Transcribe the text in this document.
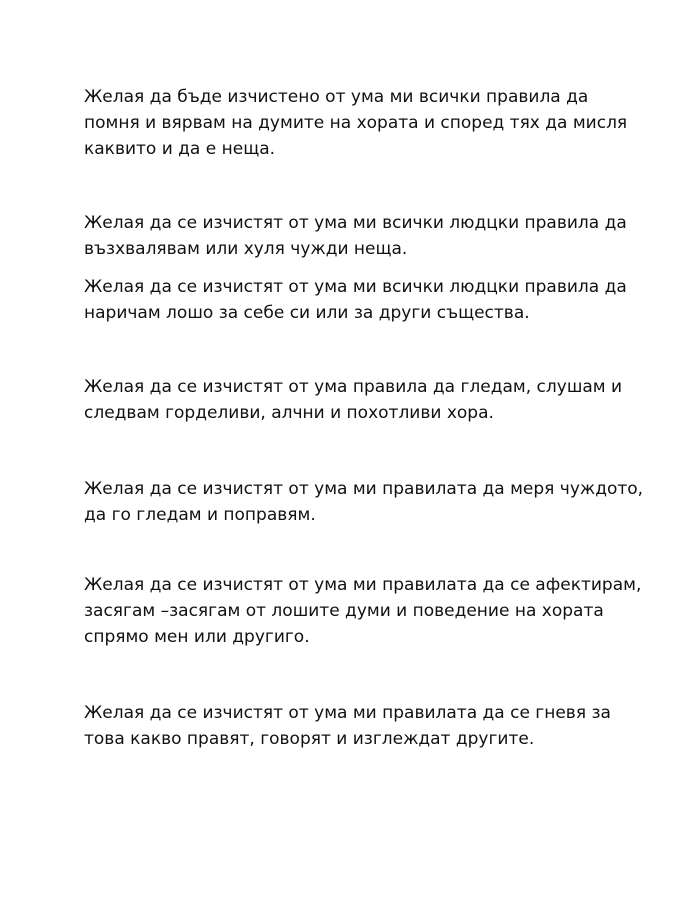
Желая да бъде изчистено от ума ми всички правила да
помня и вярвам на думите на хората и според тях да мисля
каквито и да е неща.

Желая да се изчистят от ума ми всички людцки правила да
възхвалявам или хуля чужди неща.

Желая да се изчистят от ума ми всички людцки правила да
наричам лошо за себе си или за други същества.

Желая да се изчистят от ума правила да гледам, слушам и
следвам горделиви, алчни и похотливи хора.

Желая да се изчистят от ума ми правилата да меря чуждото,
да го гледам и поправям.

Желая да се изчистят от ума ми правилата да се афектирам,
засягам –засягам от лошите думи и поведение на хората
спрямо мен или другиго.

Желая да се изчистят от ума ми правилата да се гневя за
това какво правят, говорят и изглеждат другите.
